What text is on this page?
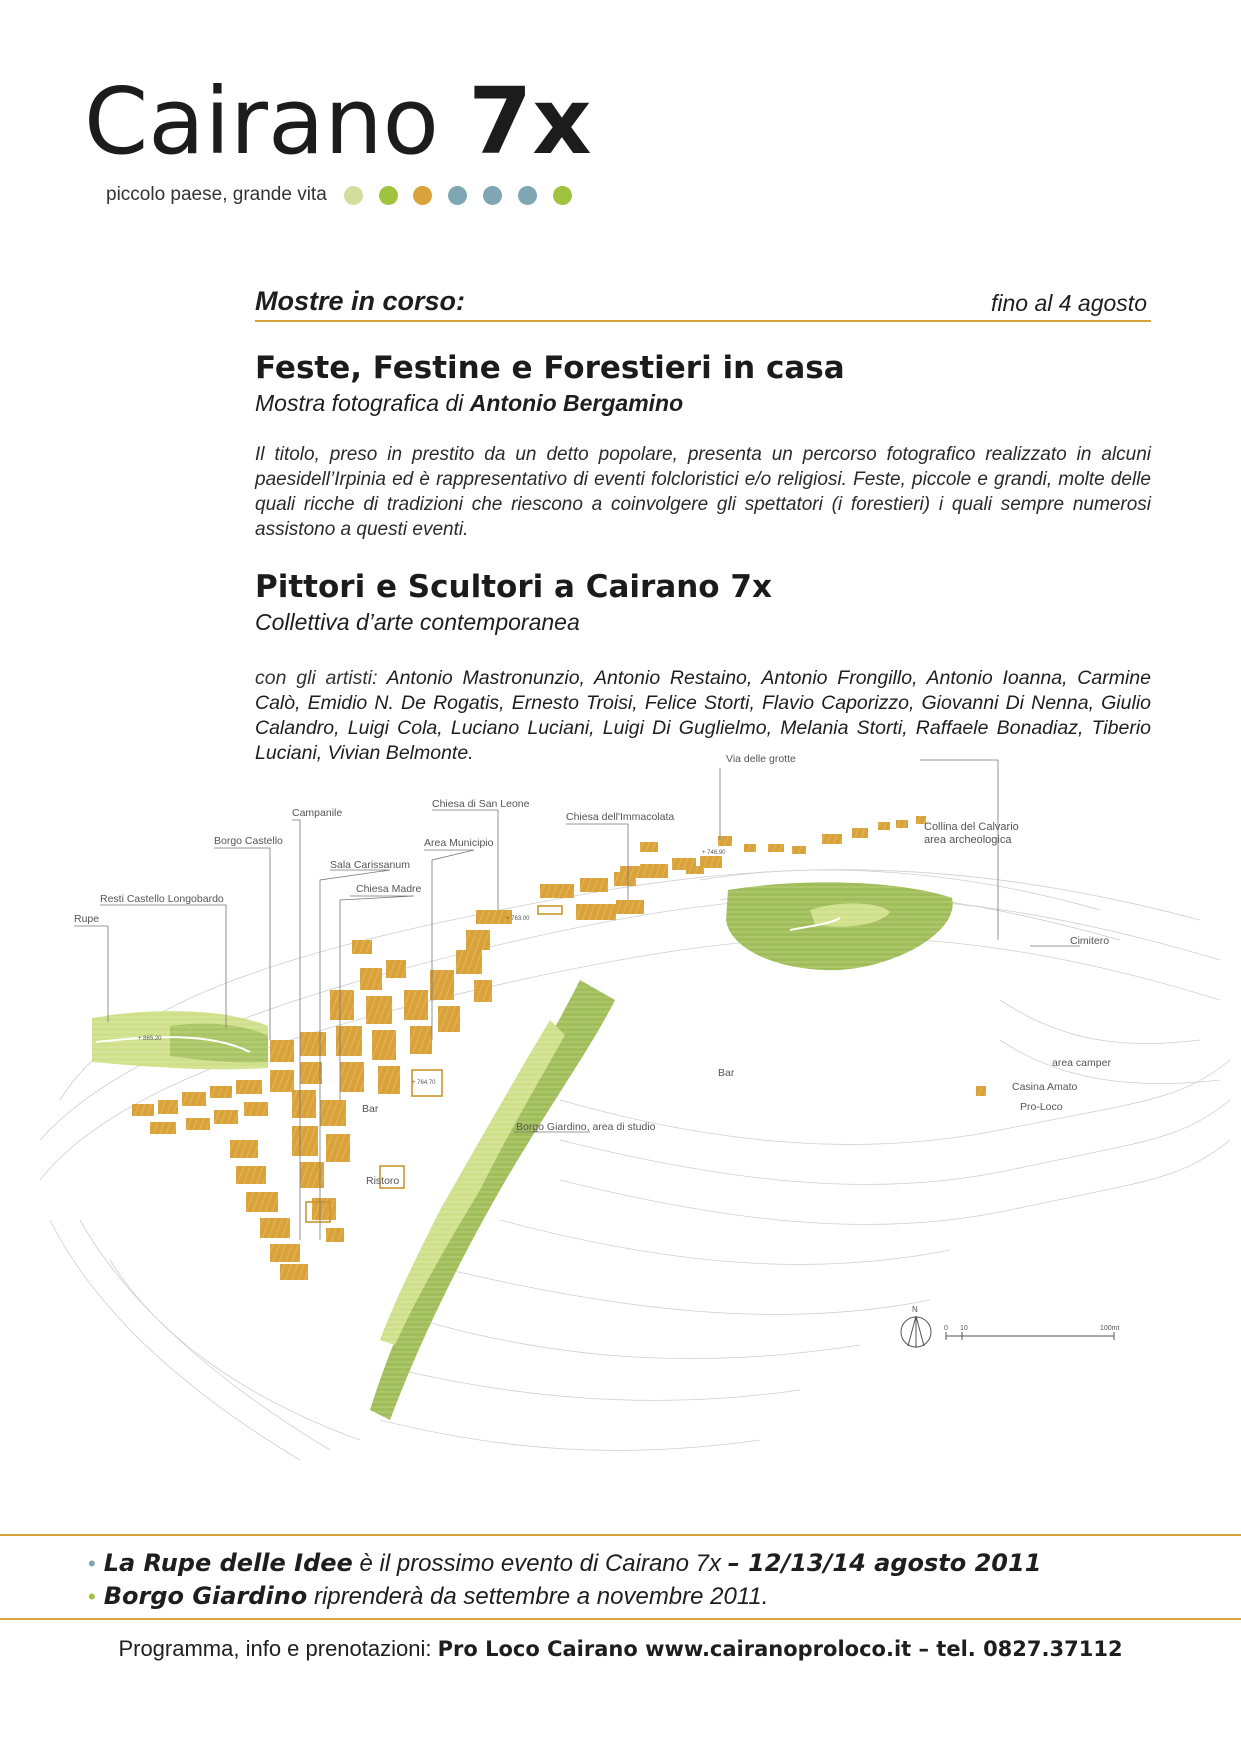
Cairano 7x
piccolo paese, grande vita
Mostre in corso:	fino al 4 agosto
Feste, Festine e Forestieri in casa
Mostra fotografica di Antonio Bergamino
Il titolo, preso in prestito da un detto popolare, presenta un percorso fotografico realizzato in alcuni paesidell’Irpinia ed è rappresentativo di eventi folcloristici e/o religiosi. Feste, piccole e grandi, molte delle quali ricche di tradizioni che riescono a coinvolgere gli spettatori (i forestieri) i quali sempre numerosi assistono a questi eventi.
Pittori e Scultori a Cairano 7x
Collettiva d’arte contemporanea
con gli artisti: Antonio Mastronunzio, Antonio Restaino, Antonio Frongillo, Antonio Ioanna, Carmine Calò, Emidio N. De Rogatis, Ernesto Troisi, Felice Storti, Flavio Caporizzo, Giovanni Di Nenna, Giulio Calandro, Luigi Cola, Luciano Luciani, Luigi Di Guglielmo, Melania Storti, Raffaele Bonadiaz, Tiberio Luciani, Vivian Belmonte.
Rupe
Resti Castello Longobardo
Borgo Castello
Campanile
Sala Carissanum
Chiesa Madre
Chiesa di San Leone
Area Municipio
Chiesa dell'Immacolata
Via delle grotte
Cimitero
area camper
Casina Amato
Pro-Loco
Bar
Bar
Ristoro
Borgo Giardino, area di studio
+ 865.20
+ 764.70
+ 763.00
+ 746.90
N
0 10	100mt
Collina del Calvario
area archeologica
• La Rupe delle Idee è il prossimo evento di Cairano 7x – 12/13/14 agosto 2011
• Borgo Giardino riprenderà da settembre a novembre 2011.
Programma, info e prenotazioni: Pro Loco Cairano www.cairanoproloco.it – tel. 0827.37112
